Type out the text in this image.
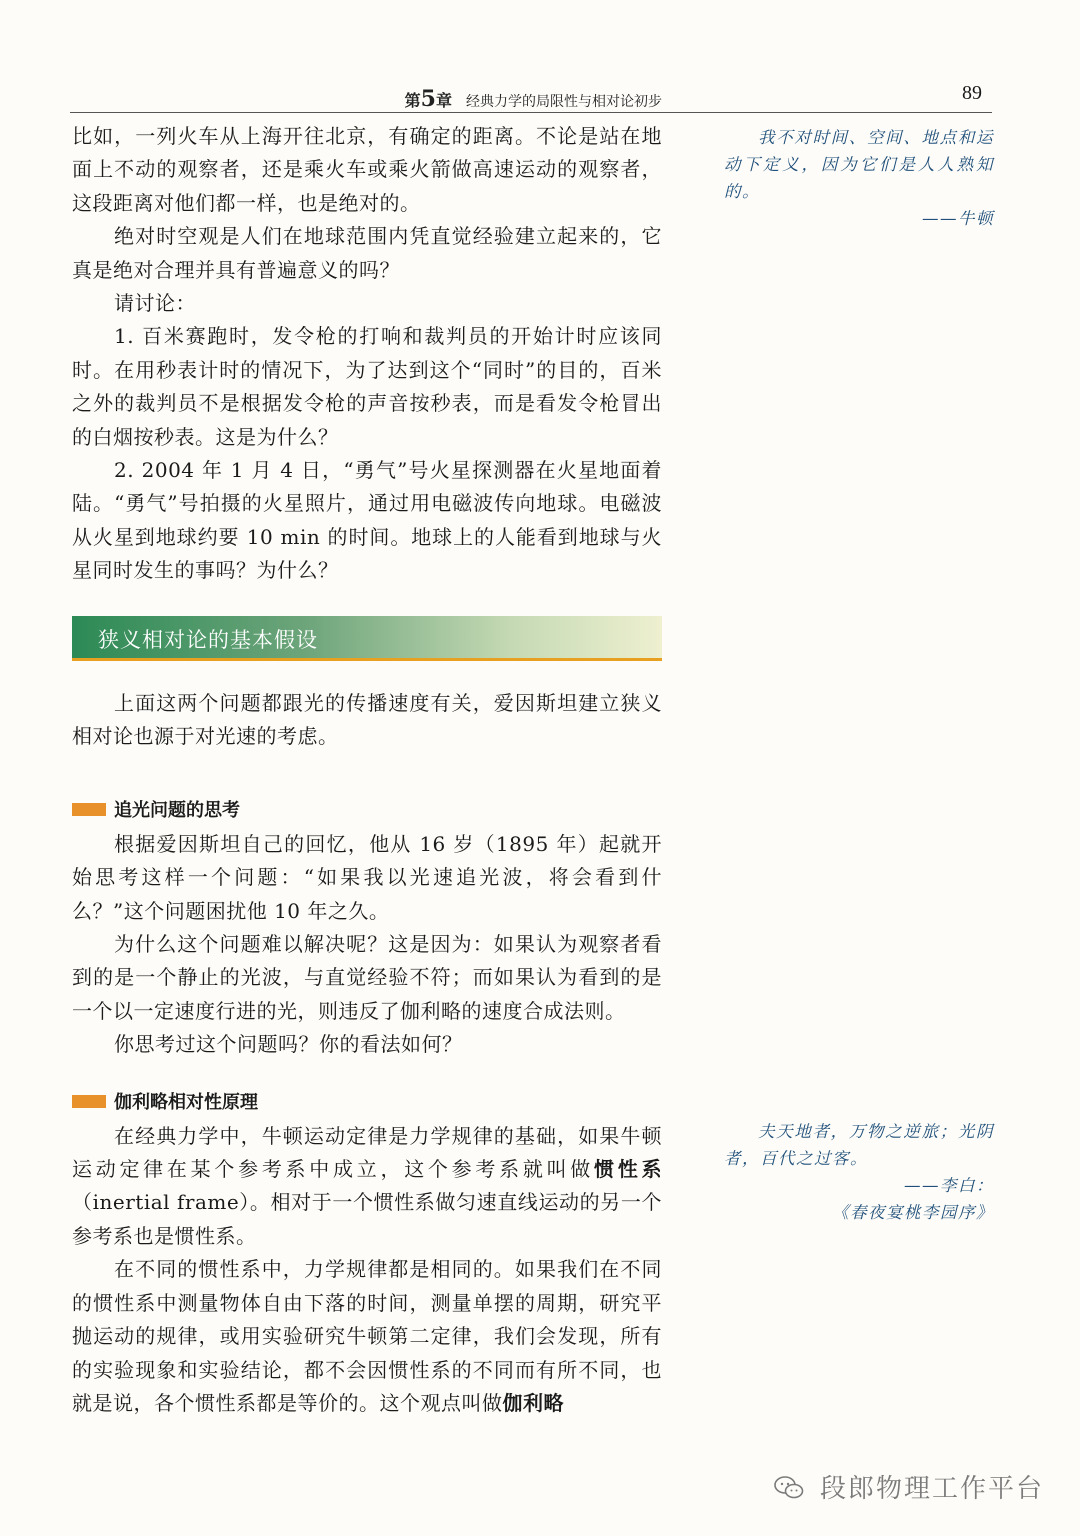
第5章 经典力学的局限性与相对论初步	89

比如，一列火车从上海开往北京，有确定的距离。不论是站在地面上不动的观察者，还是乘火车或乘火箭做高速运动的观察者，这段距离对他们都一样，也是绝对的。

绝对时空观是人们在地球范围内凭直觉经验建立起来的，它真是绝对合理并具有普遍意义的吗？

请讨论：

1. 百米赛跑时，发令枪的打响和裁判员的开始计时应该同时。在用秒表计时的情况下，为了达到这个“同时”的目的，百米之外的裁判员不是根据发令枪的声音按秒表，而是看发令枪冒出的白烟按秒表。这是为什么？

2. 2004 年 1 月 4 日，“勇气”号火星探测器在火星地面着陆。“勇气”号拍摄的火星照片，通过用电磁波传向地球。电磁波从火星到地球约要 10 min 的时间。地球上的人能看到地球与火星同时发生的事吗？为什么？

狭义相对论的基本假设

上面这两个问题都跟光的传播速度有关，爱因斯坦建立狭义相对论也源于对光速的考虑。

追光问题的思考

根据爱因斯坦自己的回忆，他从 16 岁（1895 年）起就开始思考这样一个问题：“如果我以光速追光波，将会看到什么？”这个问题困扰他 10 年之久。

为什么这个问题难以解决呢？这是因为：如果认为观察者看到的是一个静止的光波，与直觉经验不符；而如果认为看到的是一个以一定速度行进的光，则违反了伽利略的速度合成法则。

你思考过这个问题吗？你的看法如何？

伽利略相对性原理

在经典力学中，牛顿运动定律是力学规律的基础，如果牛顿运动定律在某个参考系中成立，这个参考系就叫做惯性系（inertial frame）。相对于一个惯性系做匀速直线运动的另一个参考系也是惯性系。

在不同的惯性系中，力学规律都是相同的。如果我们在不同的惯性系中测量物体自由下落的时间，测量单摆的周期，研究平抛运动的规律，或用实验研究牛顿第二定律，我们会发现，所有的实验现象和实验结论，都不会因惯性系的不同而有所不同，也就是说，各个惯性系都是等价的。这个观点叫做伽利略

我不对时间、空间、地点和运动下定义，因为它们是人人熟知的。
——牛顿
夫天地者，万物之逆旅；光阴者，百代之过客。
——李白：
《春夜宴桃李园序》
段郎物理工作平台
